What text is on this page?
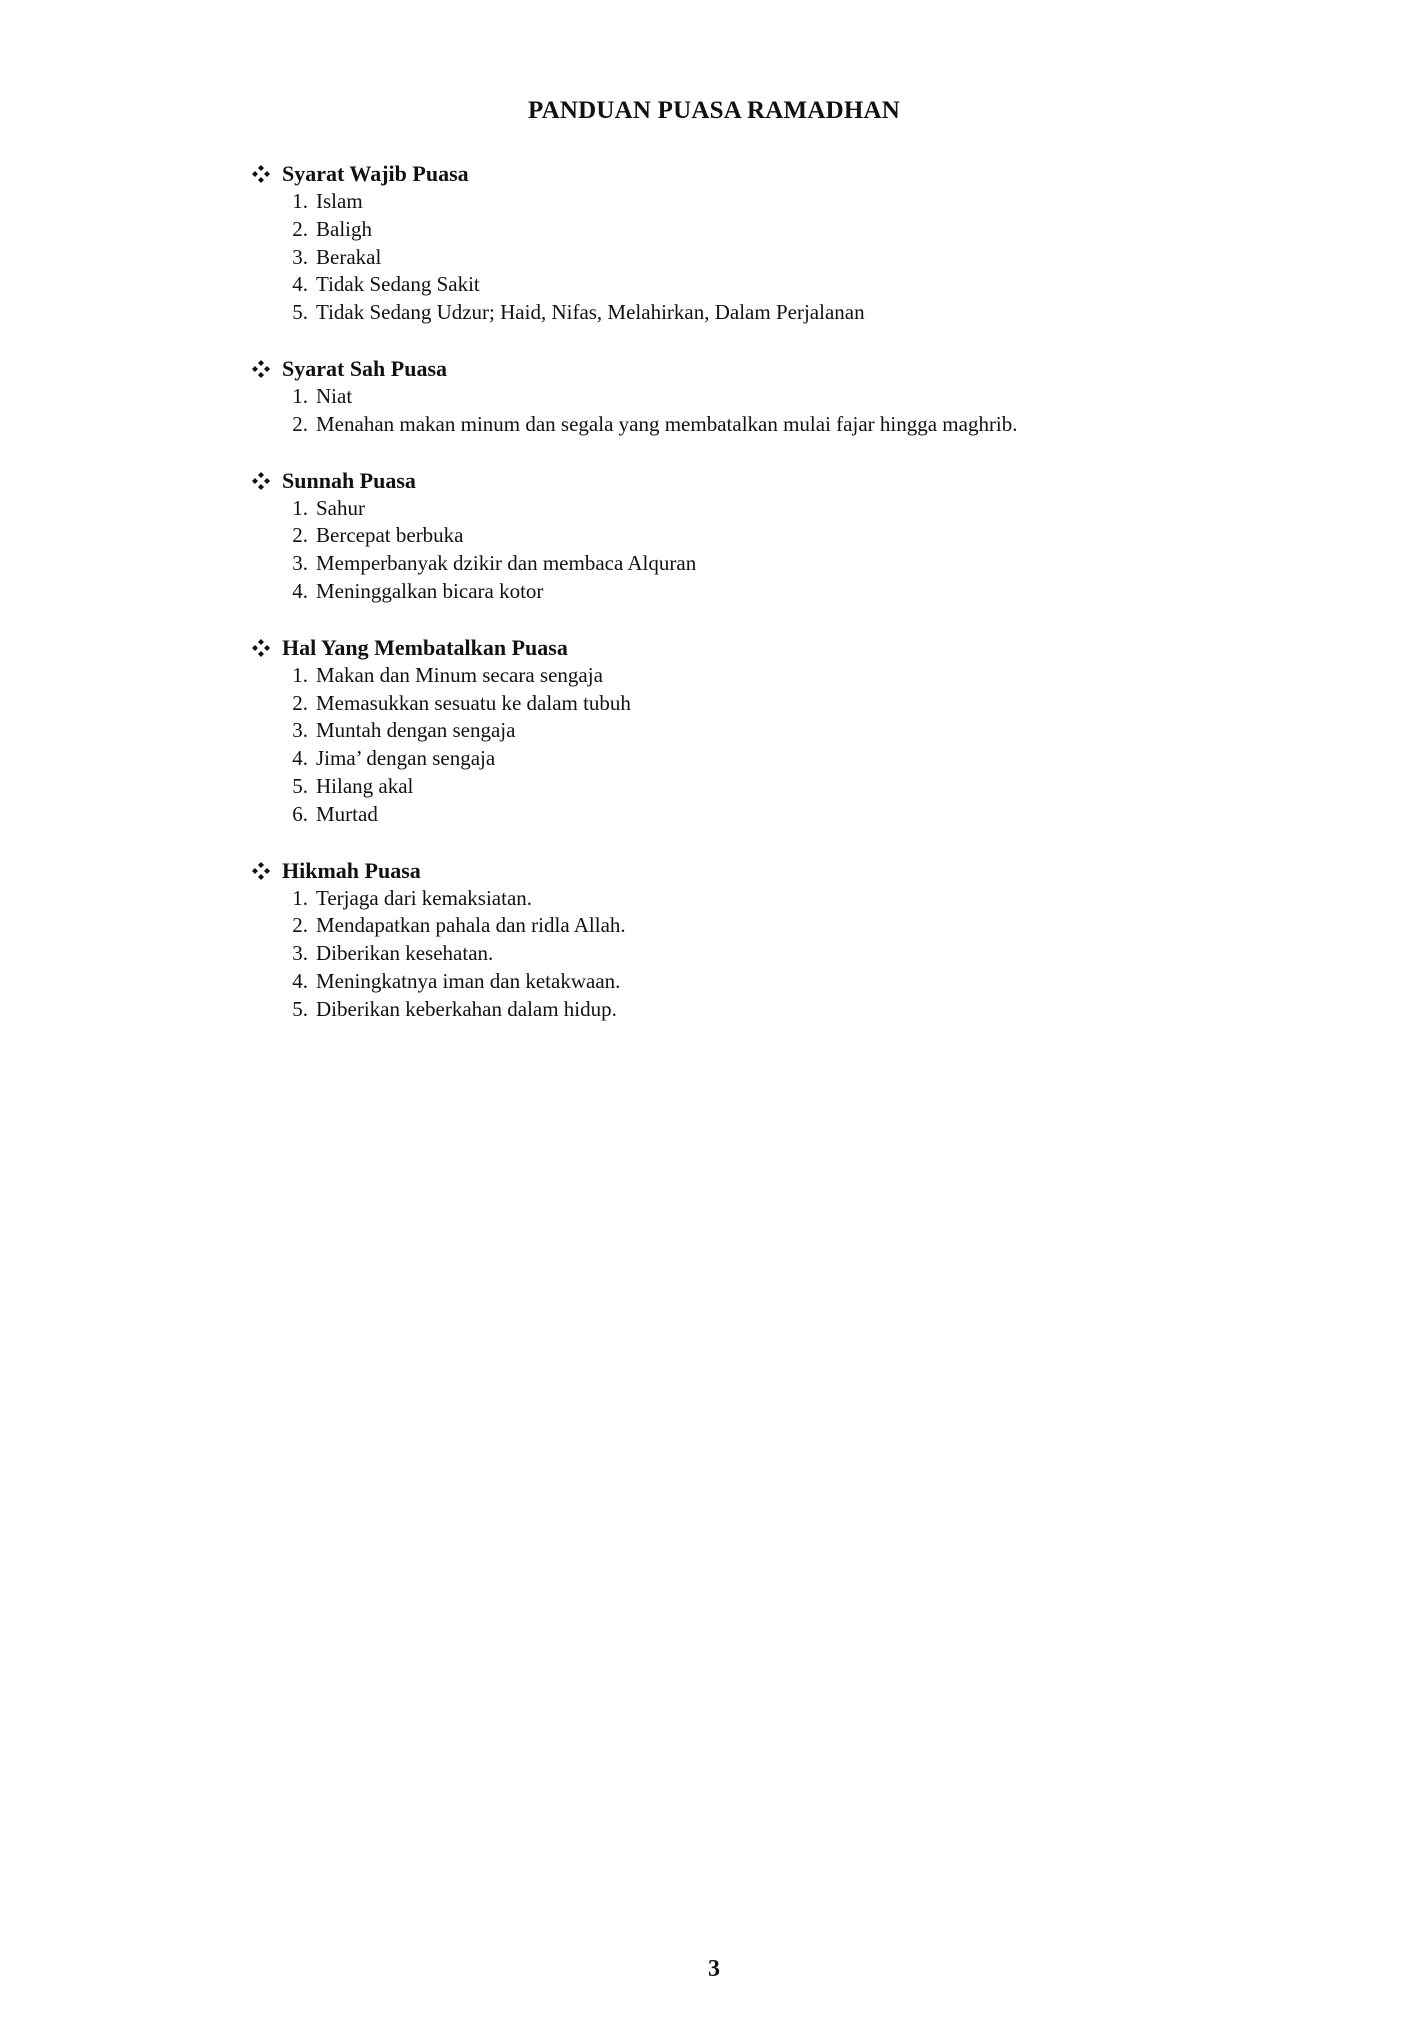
PANDUAN PUASA RAMADHAN
Syarat Wajib Puasa
1. Islam
2. Baligh
3. Berakal
4. Tidak Sedang Sakit
5. Tidak Sedang Udzur; Haid, Nifas, Melahirkan, Dalam Perjalanan
Syarat Sah Puasa
1. Niat
2. Menahan makan minum dan segala yang membatalkan mulai fajar hingga maghrib.
Sunnah Puasa
1. Sahur
2. Bercepat berbuka
3. Memperbanyak dzikir dan membaca Alquran
4. Meninggalkan bicara kotor
Hal Yang Membatalkan Puasa
1. Makan dan Minum secara sengaja
2. Memasukkan sesuatu ke dalam tubuh
3. Muntah dengan sengaja
4. Jima’ dengan sengaja
5. Hilang akal
6. Murtad
Hikmah Puasa
1. Terjaga dari kemaksiatan.
2. Mendapatkan pahala dan ridla Allah.
3. Diberikan kesehatan.
4. Meningkatnya iman dan ketakwaan.
5. Diberikan keberkahan dalam hidup.
3
